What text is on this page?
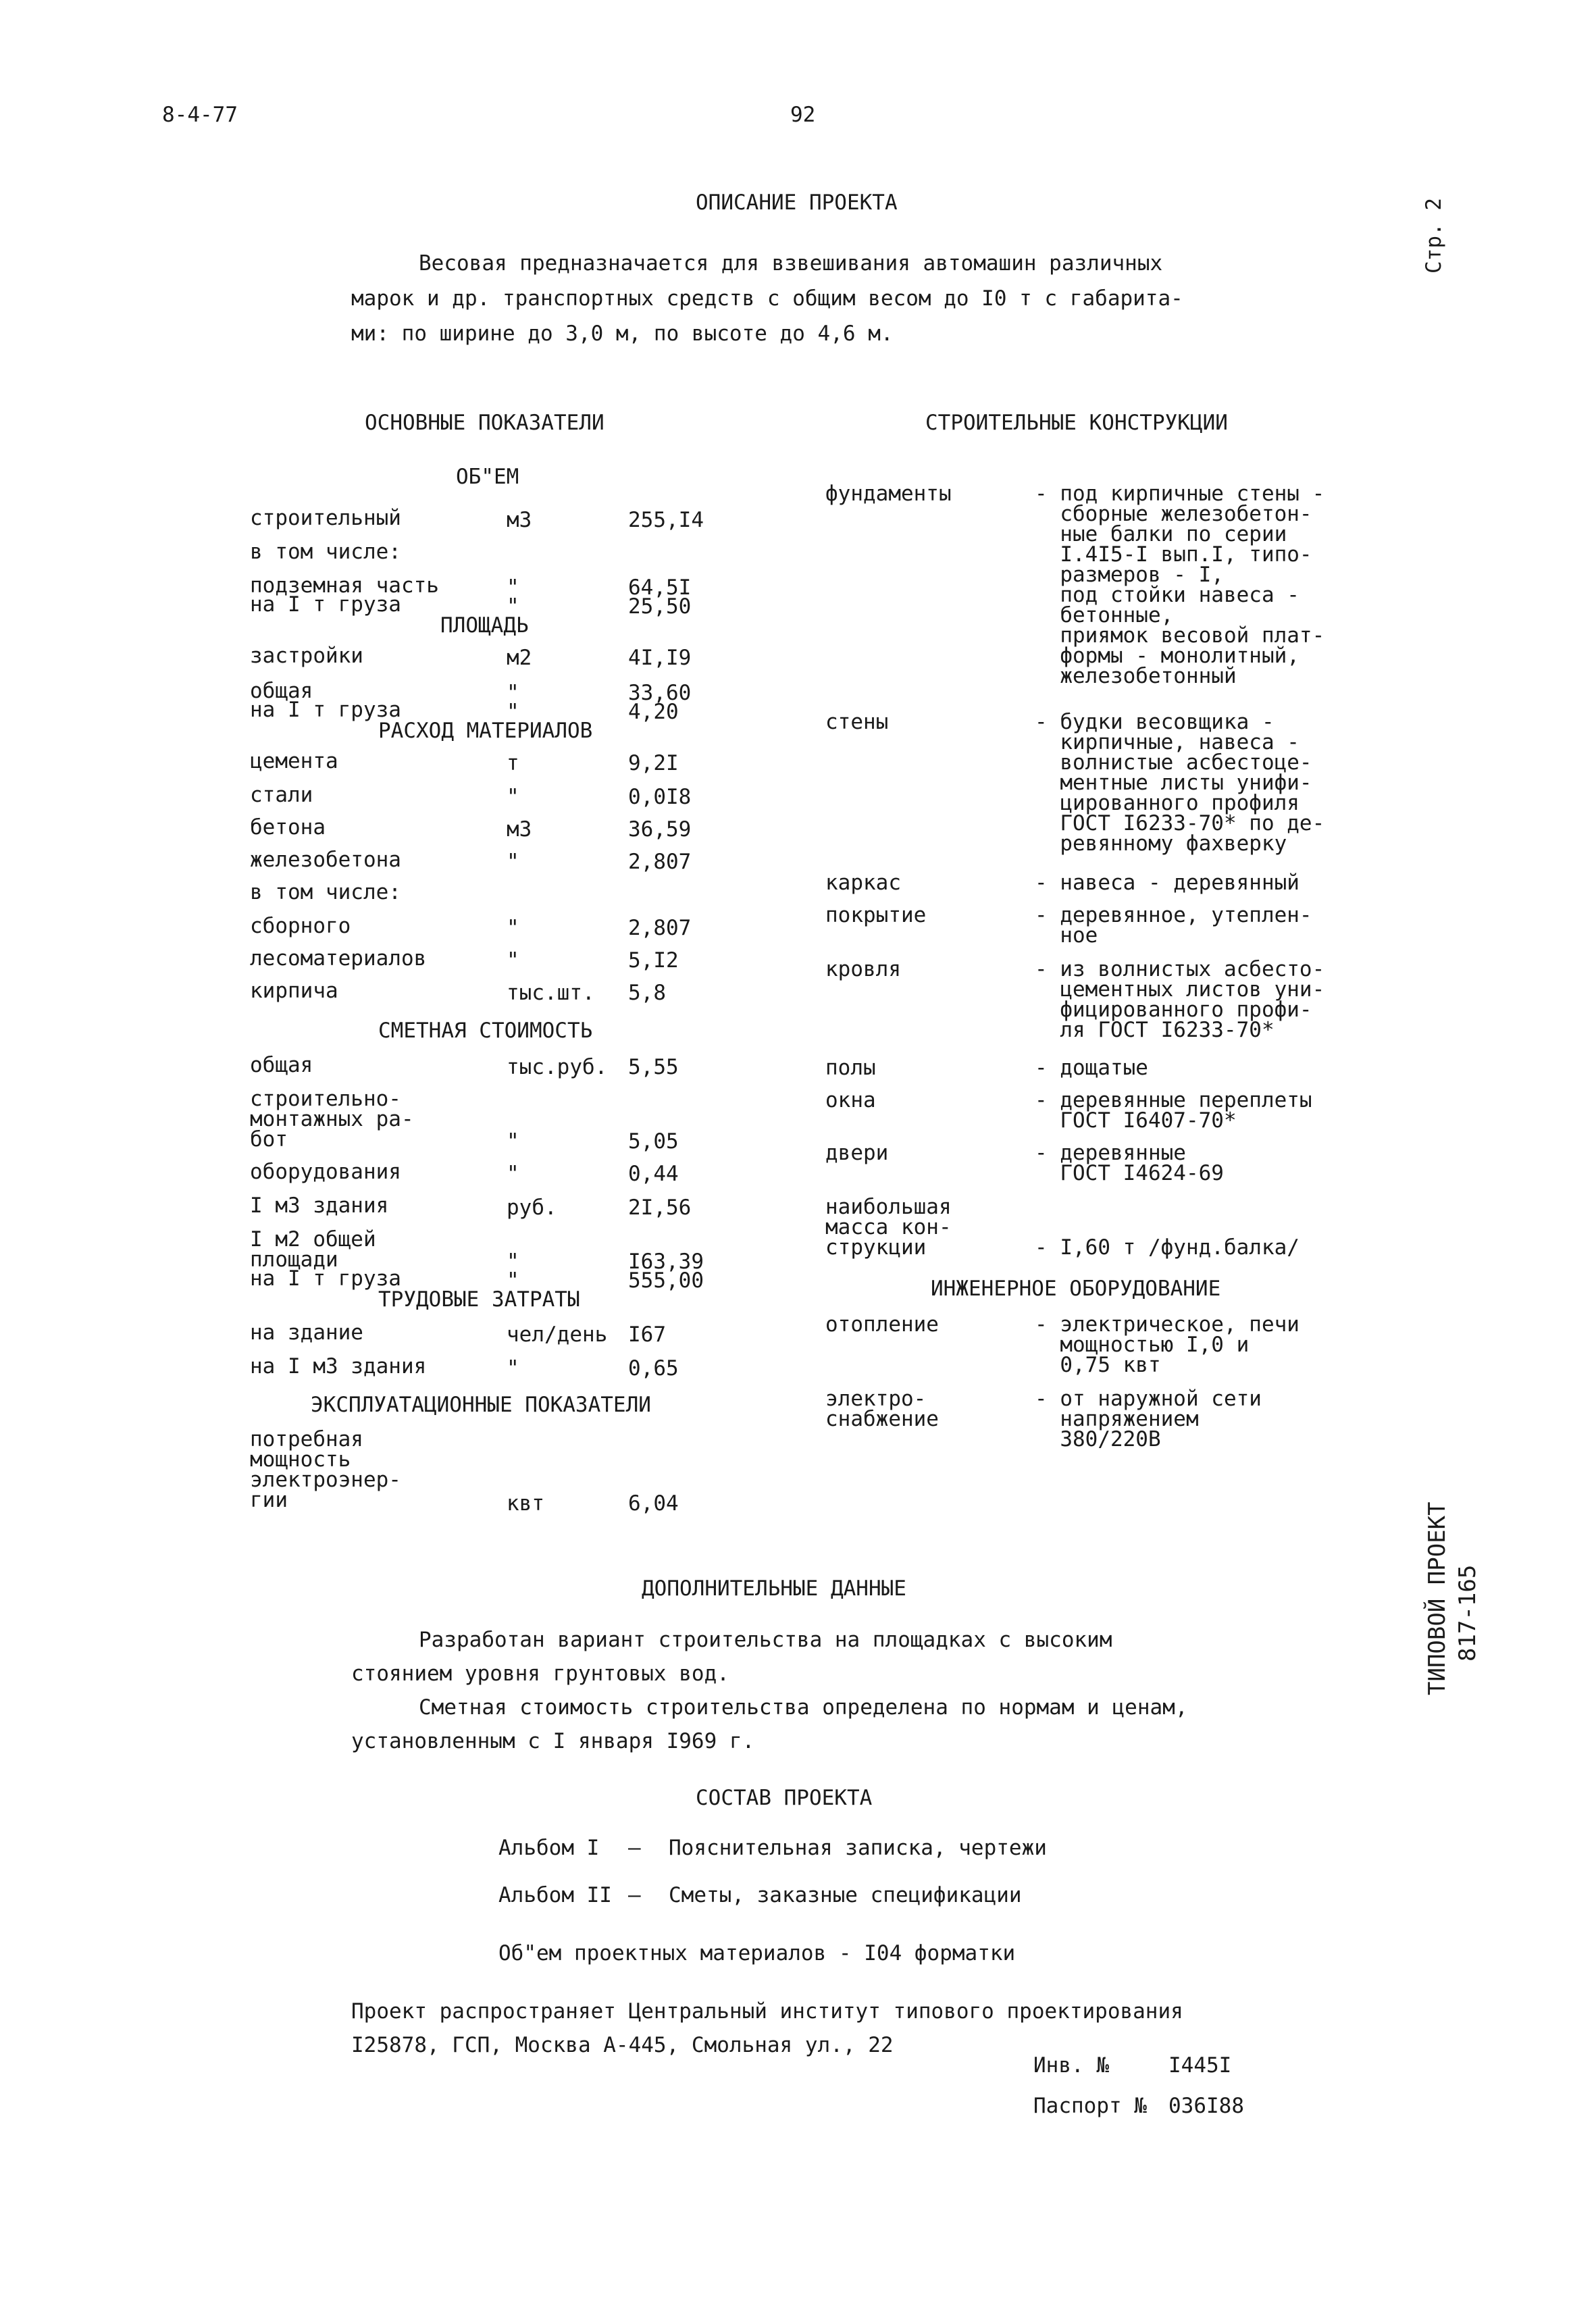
8-4-77	92
Стр. 2
ТИПОВОЙ ПРОЕКТ 817-165
ОПИСАНИЕ ПРОЕКТА
Весовая предназначается для взвешивания автомашин различных
марок и др. транспортных средств с общим весом до I0 т с габарита-
ми: по ширине до 3,0 м, по высоте до 4,6 м.
ОСНОВНЫЕ ПОКАЗАТЕЛИ	СТРОИТЕЛЬНЫЕ КОНСТРУКЦИИ
ОБ"ЕМ
строительный	м3	255,I4
в том числе:
подземная часть	"	64,5I
на I т груза	"	25,50
ПЛОЩАДЬ
застройки	м2	4I,I9
общая	"	33,60
на I т груза	"	4,20
РАСХОД МАТЕРИАЛОВ
цемента	т	9,2I
стали	"	0,0I8
бетона	м3	36,59
железобетона	"	2,807
в том числе:
сборного	"	2,807
лесоматериалов	"	5,I2
кирпича	тыс.шт. 5,8
СМЕТНАЯ СТОИМОСТЬ
общая	тыс.руб. 5,55
строительно-
монтажных ра-
бот	"	5,05
оборудования	"	0,44
I м3 здания	руб.	2I,56
I м2 общей
площади	"	I63,39
на I т груза	"	555,00
ТРУДОВЫЕ ЗАТРАТЫ
на здание	чел/день I67
на I м3 здания	"	0,65
ЭКСПЛУАТАЦИОННЫЕ ПОКАЗАТЕЛИ
потребная
мощность
электроэнер-
гии	квт	6,04
фундаменты	- под кирпичные стены -
сборные железобетон-
ные балки по серии
I.4I5-I вып.I, типо-
размеров - I,
под стойки навеса -
бетонные,
приямок весовой плат-
формы - монолитный,
железобетонный
стены	- будки весовщика -
кирпичные, навеса -
волнистые асбестоце-
ментные листы унифи-
цированного профиля
ГОСТ I6233-70* по де-
ревянному фахверку
каркас	- навеса - деревянный
покрытие	- деревянное, утеплен-
ное
кровля	- из волнистых асбесто-
цементных листов уни-
фицированного профи-
ля ГОСТ I6233-70*
полы	- дощатые
окна	- деревянные переплеты
ГОСТ I6407-70*
двери	- деревянные
ГОСТ I4624-69
наибольшая
масса кон-
струкции	- I,60 т /фунд.балка/
ИНЖЕНЕРНОЕ ОБОРУДОВАНИЕ
отопление	- электрическое, печи
мощностью I,0 и
0,75 квт
электро-
снабжение
- от наружной сети
напряжением
380/220В
ДОПОЛНИТЕЛЬНЫЕ ДАННЫЕ
Разработан вариант строительства на площадках с высоким
стоянием уровня грунтовых вод.
Сметная стоимость строительства определена по нормам и ценам,
установленным с I января I969 г.
СОСТАВ ПРОЕКТА
Альбом I – Пояснительная записка, чертежи
Альбом II – Сметы, заказные спецификации
Об"ем проектных материалов - I04 форматки
Проект распространяет Центральный институт типового проектирования
I25878, ГСП, Москва А-445, Смольная ул., 22
Инв. №	I445I
Паспорт № 036I88
